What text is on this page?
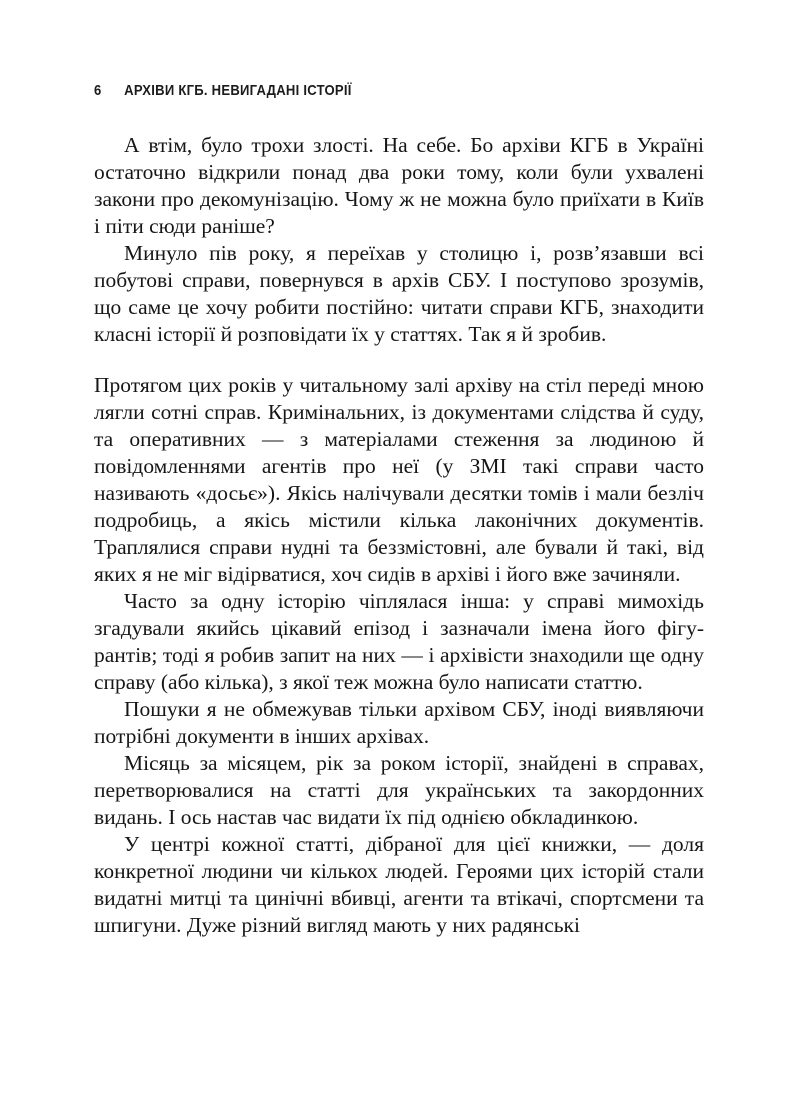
6 АРХІВИ КГБ. НЕВИГАДАНІ ІСТОРІЇ

А втім, було трохи злості. На себе. Бо архіви КГБ в Україні остаточно відкрили понад два роки тому, коли були ухвалені закони про декомунізацію. Чому ж не можна було приїхати в Київ і піти сюди раніше?

Минуло пів року, я переїхав у столицю і, розв’язавши всі побутові справи, повернувся в архів СБУ. І поступово зрозумів, що саме це хочу робити постійно: читати справи КГБ, знаходити класні історії й розповідати їх у статтях. Так я й зробив.

Протягом цих років у читальному залі архіву на стіл переді мною лягли сотні справ. Кримінальних, із документами слідства й суду, та оперативних — з матеріалами стеження за людиною й повідомленнями агентів про неї (у ЗМІ такі справи часто називають «досьє»). Якісь налічували десятки томів і мали безліч подробиць, а якісь містили кілька лаконічних документів. Траплялися справи нудні та беззмістовні, але бували й такі, від яких я не міг відірватися, хоч сидів в архіві і його вже зачиняли.

Часто за одну історію чіплялася інша: у справі мимохідь згадували якийсь цікавий епізод і зазначали імена його фігурантів; тоді я робив запит на них — і архівісти знаходили ще одну справу (або кілька), з якої теж можна було написати статтю.

Пошуки я не обмежував тільки архівом СБУ, іноді виявляючи потрібні документи в інших архівах.

Місяць за місяцем, рік за роком історії, знайдені в справах, перетворювалися на статті для українських та закордонних видань. І ось настав час видати їх під однією обкладинкою.

У центрі кожної статті, дібраної для цієї книжки, — доля конкретної людини чи кількох людей. Героями цих історій стали видатні митці та цинічні вбивці, агенти та втікачі, спортсмени та шпигуни. Дуже різний вигляд мають у них радянські
